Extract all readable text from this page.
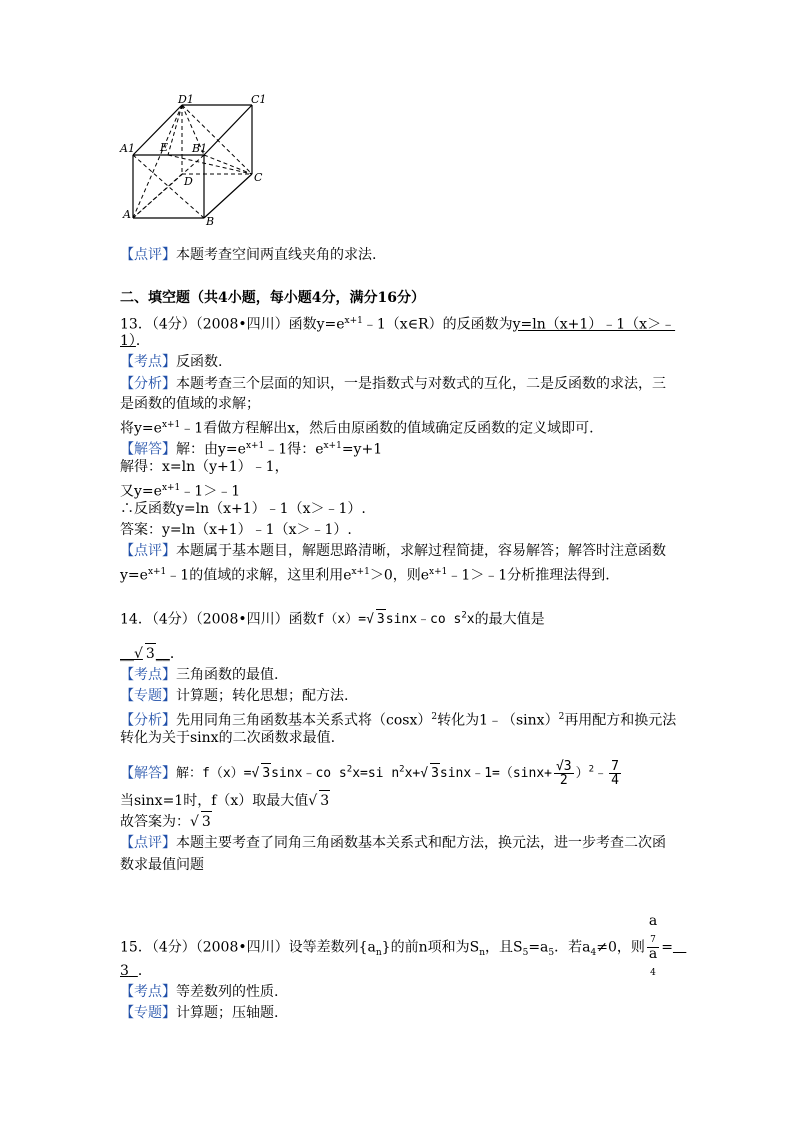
D1	C1
A1 E B1
D	C
A
B
【点评】本题考查空间两直线夹角的求法.
二、填空题（共4小题，每小题4分，满分16分）
13．（4分）（2008•四川）函数$y=e^{x+1}﹣1(x\in R)$的反函数为y=ln（x+1）﹣1（x＞﹣
1）．
【考点】反函数.
【分析】本题考查三个层面的知识，一是指数式与对数式的互化，二是反函数的求法，三
是函数的值域的求解；
将$y=e^{x+1}﹣1$看做方程解出x，然后由原函数的值域确定反函数的定义域即可.
【解答】解：由$y=e^{x+1}﹣1$得：$e^{x+1}=y+1$
解得：x=ln（y+1）﹣1，
又$y=e^{x+1}﹣1>﹣1$
∴反函数y=ln（x+1）﹣1（x＞﹣1）.
答案：y=ln（x+1）﹣1（x＞﹣1）.
【点评】本题属于基本题目，解题思路清晰，求解过程简捷，容易解答；解答时注意函数
$y=e^{x+1}﹣1$的值域的求解，这里利用$e^{x+1}>0$，则$e^{x+1}﹣1>﹣1$分析推理法得到.
14．（4分）（2008•四川）函数f（x）=√ 3sinx﹣co $s^2x$的最大值是
__√ 3__．
【考点】三角函数的最值.
【专题】计算题；转化思想；配方法.
【分析】先用同角三角函数基本关系式将$(\cos x)^2$转化为$1﹣(\sin x)^2$再用配方和换元法
转化为关于sinx的二次函数求最值.
【解答】解：f（x）=√ 3sinx﹣co $s^2x=si$ $n^2x+√$ 3sinx﹣1=（sinx+ $\frac{√3}{2}$ ）$^2$﹣ $\frac{7}{4}$
当sinx=1时，f（x）取最大值√ 3
故答案为：√ 3
【点评】本题主要考查了同角三角函数基本关系式和配方法，换元法，进一步考查二次函
数求最值问题
15．（4分）（2008•四川）设等差数列$\{a_n\}$的前n项和为$S_n$，且$S_5=a_5$．若$a_4\ne 0$，则 a
$_7$
a
$_4$ =
3 ．
【考点】等差数列的性质.
【专题】计算题；压轴题.
